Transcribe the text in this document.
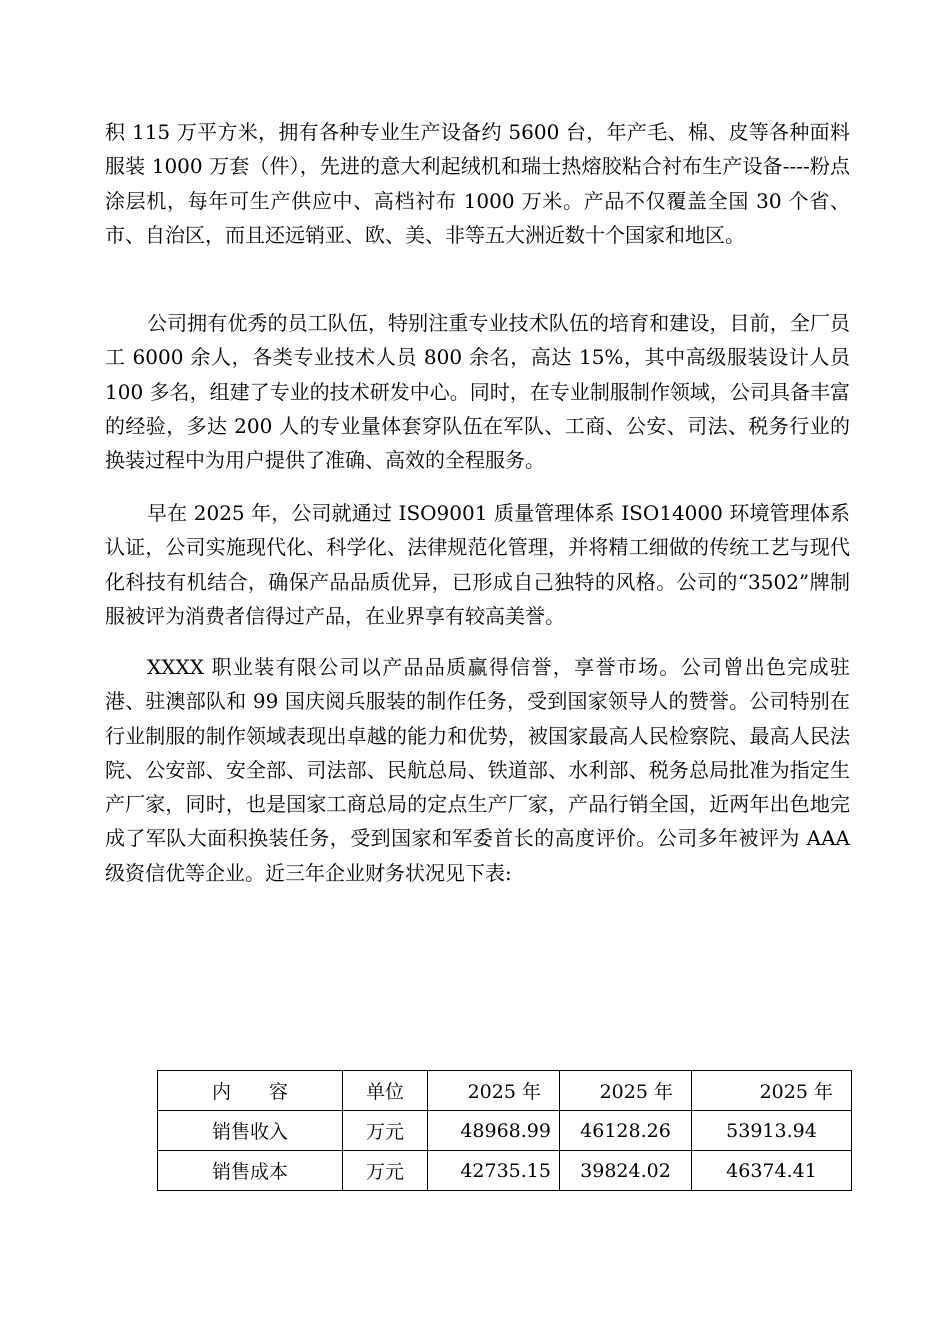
积 115 万平方米，拥有各种专业生产设备约 5600 台，年产毛、棉、皮等各种面料服装 1000 万套（件），先进的意大利起绒机和瑞士热熔胶粘合衬布生产设备----粉点涂层机，每年可生产供应中、高档衬布 1000 万米。产品不仅覆盖全国 30 个省、市、自治区，而且还远销亚、欧、美、非等五大洲近数十个国家和地区。

公司拥有优秀的员工队伍，特别注重专业技术队伍的培育和建设，目前，全厂员工 6000 余人，各类专业技术人员 800 余名，高达 15%，其中高级服装设计人员 100 多名，组建了专业的技术研发中心。同时，在专业制服制作领域，公司具备丰富的经验，多达 200 人的专业量体套穿队伍在军队、工商、公安、司法、税务行业的换装过程中为用户提供了准确、高效的全程服务。

早在 2025 年，公司就通过 ISO9001 质量管理体系 ISO14000 环境管理体系认证，公司实施现代化、科学化、法律规范化管理，并将精工细做的传统工艺与现代化科技有机结合，确保产品品质优异，已形成自己独特的风格。公司的“3502”牌制服被评为消费者信得过产品，在业界享有较高美誉。

XXXX 职业装有限公司以产品品质赢得信誉，享誉市场。公司曾出色完成驻港、驻澳部队和 99 国庆阅兵服装的制作任务，受到国家领导人的赞誉。公司特别在行业制服的制作领域表现出卓越的能力和优势，被国家最高人民检察院、最高人民法院、公安部、安全部、司法部、民航总局、铁道部、水利部、税务总局批准为指定生产厂家，同时，也是国家工商总局的定点生产厂家，产品行销全国，近两年出色地完成了军队大面积换装任务，受到国家和军委首长的高度评价。公司多年被评为 AAA 级资信优等企业。近三年企业财务状况见下表:

内　　容	单位	2025 年	2025 年	2025 年
销售收入	万元	48968.99	46128.26	53913.94
销售成本	万元	42735.15	39824.02	46374.41
